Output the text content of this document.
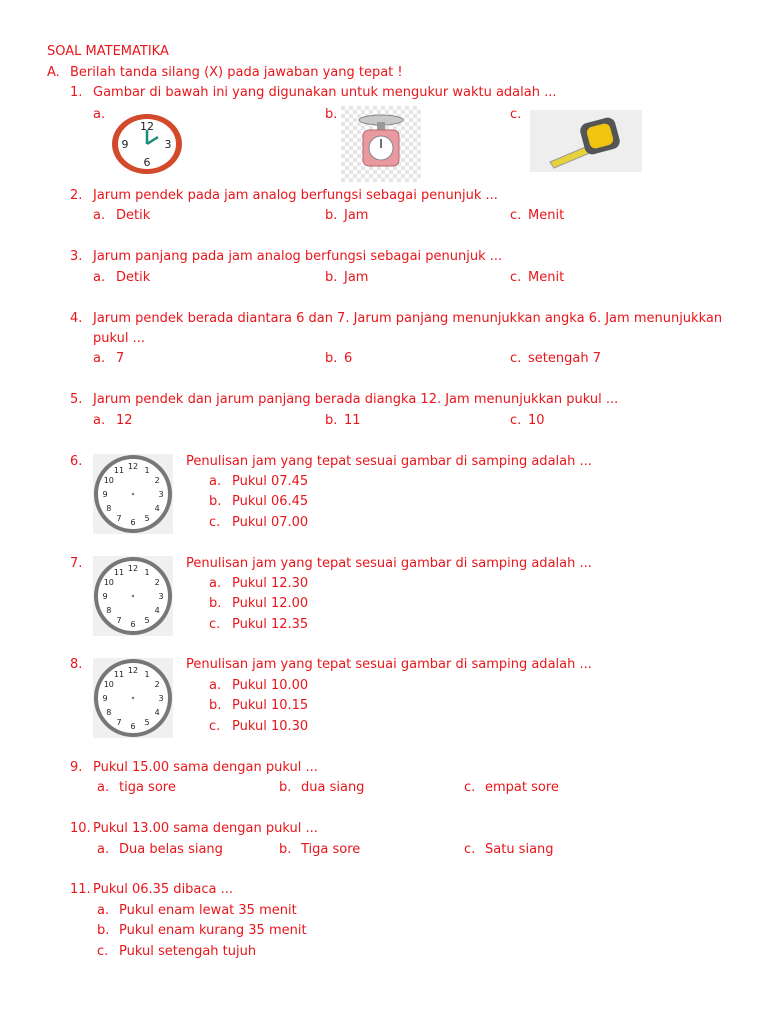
SOAL MATEMATIKA
A. Berilah tanda silang (X) pada jawaban yang tepat !
1. Gambar di bawah ini yang digunakan untuk mengukur waktu adalah ...
a.	b.	c.
12
3
6
9
.
2. Jarum pendek pada jam analog berfungsi sebagai penunjuk ...
a. Detik	b. Jam	c. Menit
3. Jarum panjang pada jam analog berfungsi sebagai penunjuk ...
a. Detik	b. Jam	c. Menit
4. Jarum pendek berada diantara 6 dan 7. Jarum panjang menunjukkan angka 6. Jam menunjukkan
pukul ...
a. 7	b. 6	c. setengah 7
5. Jarum pendek dan jarum panjang berada diangka 12. Jam menunjukkan pukul ...
a. 12	b. 11	c. 10
6.	12 1
2
3
4
5
6
7
8
9
10
11
Penulisan jam yang tepat sesuai gambar di samping adalah ...
a. Pukul 07.45
b. Pukul 06.45
c. Pukul 07.00
7.	12 1
2
3
4
5
6
7
8
9
10
11
Penulisan jam yang tepat sesuai gambar di samping adalah ...
a. Pukul 12.30
b. Pukul 12.00
c. Pukul 12.35
8.	12 1
2
3
4
5
6
7
8
9
10
11
Penulisan jam yang tepat sesuai gambar di samping adalah ...
a. Pukul 10.00
b. Pukul 10.15
c. Pukul 10.30
9. Pukul 15.00 sama dengan pukul ...
a. tiga sore	b. dua siang	c. empat sore
10. Pukul 13.00 sama dengan pukul ...
a. Dua belas siang	b. Tiga sore	c. Satu siang
11. Pukul 06.35 dibaca ...
a. Pukul enam lewat 35 menit
b. Pukul enam kurang 35 menit
c. Pukul setengah tujuh
